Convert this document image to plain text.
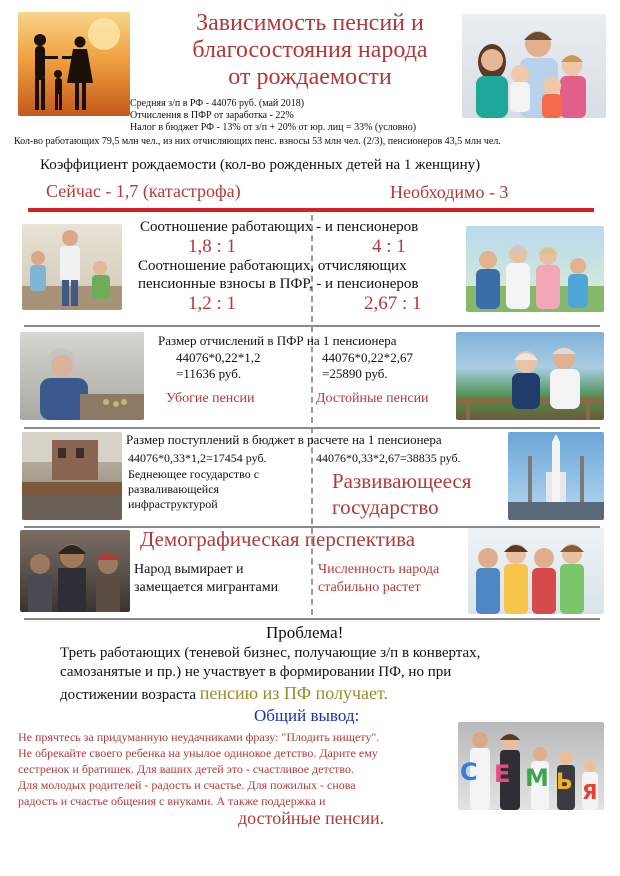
Зависимость пенсий и
благосостояния народа
от рождаемости
Средняя з/п в РФ - 44076 руб. (май 2018)
Отчисления в ПФР от заработка - 22%
Налог в бюджет РФ - 13% от з/п + 20% от юр. лиц = 33% (условно)
Кол-во работающих 79,5 млн чел., из них отчисляющих пенс. взносы 53 млн чел. (2/3), пенсионеров 43,5 млн чел.
Коэффициент рождаемости (кол-во рожденных детей на 1 женщину)
Сейчас - 1,7 (катастрофа)	Необходимо - 3
Соотношение работающих - и пенсионеров
1,8 : 1	4 : 1
Соотношение работающих, отчисляющих
пенсионные взносы в ПФР, - и пенсионеров
1,2 : 1	2,67 : 1
Размер отчислений в ПФР на 1 пенсионера
44076*0,22*1,2
=11636 руб.
44076*0,22*2,67
=25890 руб.
Убогие пенсии	Достойные пенсии
Размер поступлений в бюджет в расчете на 1 пенсионера
44076*0,33*1,2=17454 руб.	44076*0,33*2,67=38835 руб.
Беднеющее государство с
разваливающейся
инфраструктурой
Развивающееся
государство
Демографическая перспектива
Народ вымирает и
замещается мигрантами
Численность народа
стабильно растет
Проблема!
Треть работающих (теневой бизнес, получающие з/п в конвертах,
самозанятые и пр.) не участвует в формировании ПФ, но при
достижении возраста пенсию из ПФ получает.
Общий вывод:
Не прячтесь за придуманную неудачниками фразу: "Плодить нищету".
Не обрекайте своего ребенка на унылое одинокое детство. Дарите ему
сестренок и братишек. Для ваших детей это - счастливое детство.
Для молодых родителей - радость и счастье. Для пожилых - снова
радость и счастье общения с внуками. А также поддержка и
достойные пенсии.
С Е М Ь Я
